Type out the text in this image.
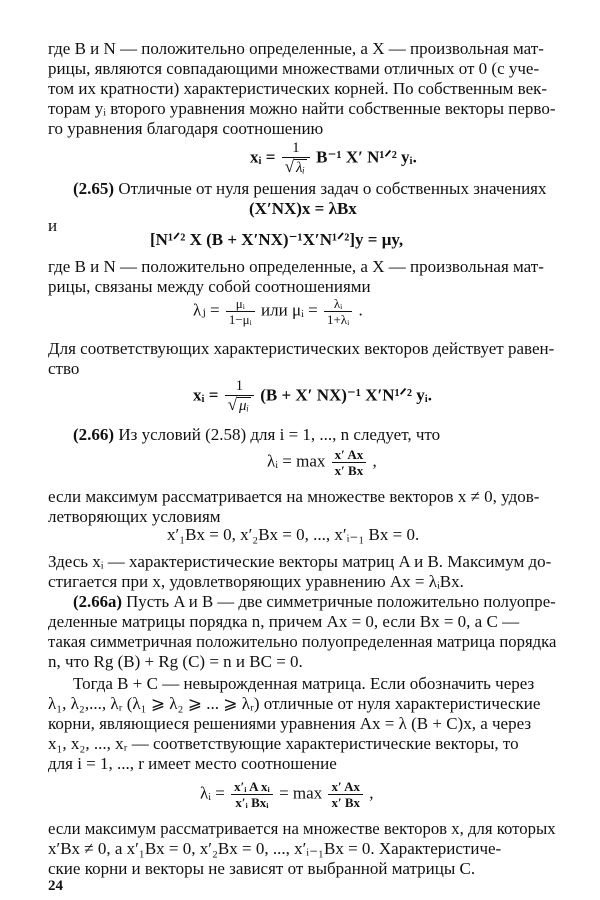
где B и N — положительно определенные, а X — произвольная мат-

рицы, являются совпадающими множествами отличных от 0 (с уче-

том их кратности) характеристических корней. По собственным век-

торам yᵢ второго уравнения можно найти собственные векторы перво-

го уравнения благодаря соотношению

xᵢ = $\frac{1}{\text{√ λᵢ}} B^{-1}$ X′ N¹ᐟ² yᵢ.

(2.65) Отличные от нуля решения задач о собственных значениях

(X′NX)x = λBx

и

[N¹ᐟ² X (B + X′NX)⁻¹X′N¹ᐟ²]y = μy,

где B и N — положительно определенные, а X — произвольная мат-

рицы, связаны между собой соотношениями

λⱼ = $\frac{\text{μᵢ}}{\text{1−μᵢ}}$ или μᵢ = $\frac{\text{λᵢ}}{\text{1+λᵢ}}$ .

Для соответствующих характеристических векторов действует равен-

ство

xᵢ = $\frac{1}{\text{√ μᵢ}} (B + X'$ NX)⁻¹ X′N¹ᐟ² yᵢ.

(2.66) Из условий (2.58) для i = 1, ..., n следует, что

λᵢ = $\max \frac{x' Ax}{x' Bx}$ ,

если максимум рассматривается на множестве векторов x ≠ 0, удов-

летворяющих условиям

x′₁Bx = 0, x′₂Bx = 0, ..., x′ᵢ₋₁ Bx = 0.

Здесь xᵢ — характеристические векторы матриц A и B. Максимум до-

стигается при x, удовлетворяющих уравнению Ax = λᵢBx.

(2.66a) Пусть A и B — две симметричные положительно полуопре-

деленные матрицы порядка n, причем Ax = 0, если Bx = 0, а C —

такая симметричная положительно полуопределенная матрица порядка

n, что Rg (B) + Rg (C) = n и BC = 0.

Тогда B + C — невырожденная матрица. Если обозначить через

λ₁, λ₂,..., λᵣ (λ₁ ⩾ λ₂ ⩾ ... ⩾ λᵣ) отличные от нуля характеристические

корни, являющиеся решениями уравнения Ax = λ (B + C)x, а через

x₁, x₂, ..., xᵣ — соответствующие характеристические векторы, то

для i = 1, ..., r имеет место соотношение

λᵢ = $\frac{\text{x′ᵢ A xᵢ}}{\text{x′ᵢ Bxᵢ}} = \max \frac{x' Ax}{x' Bx}$ ,

если максимум рассматривается на множестве векторов x, для которых

x′Bx ≠ 0, a x′₁Bx = 0, x′₂Bx = 0, ..., x′ᵢ₋₁Bx = 0. Характеристиче-

ские корни и векторы не зависят от выбранной матрицы C.

24
